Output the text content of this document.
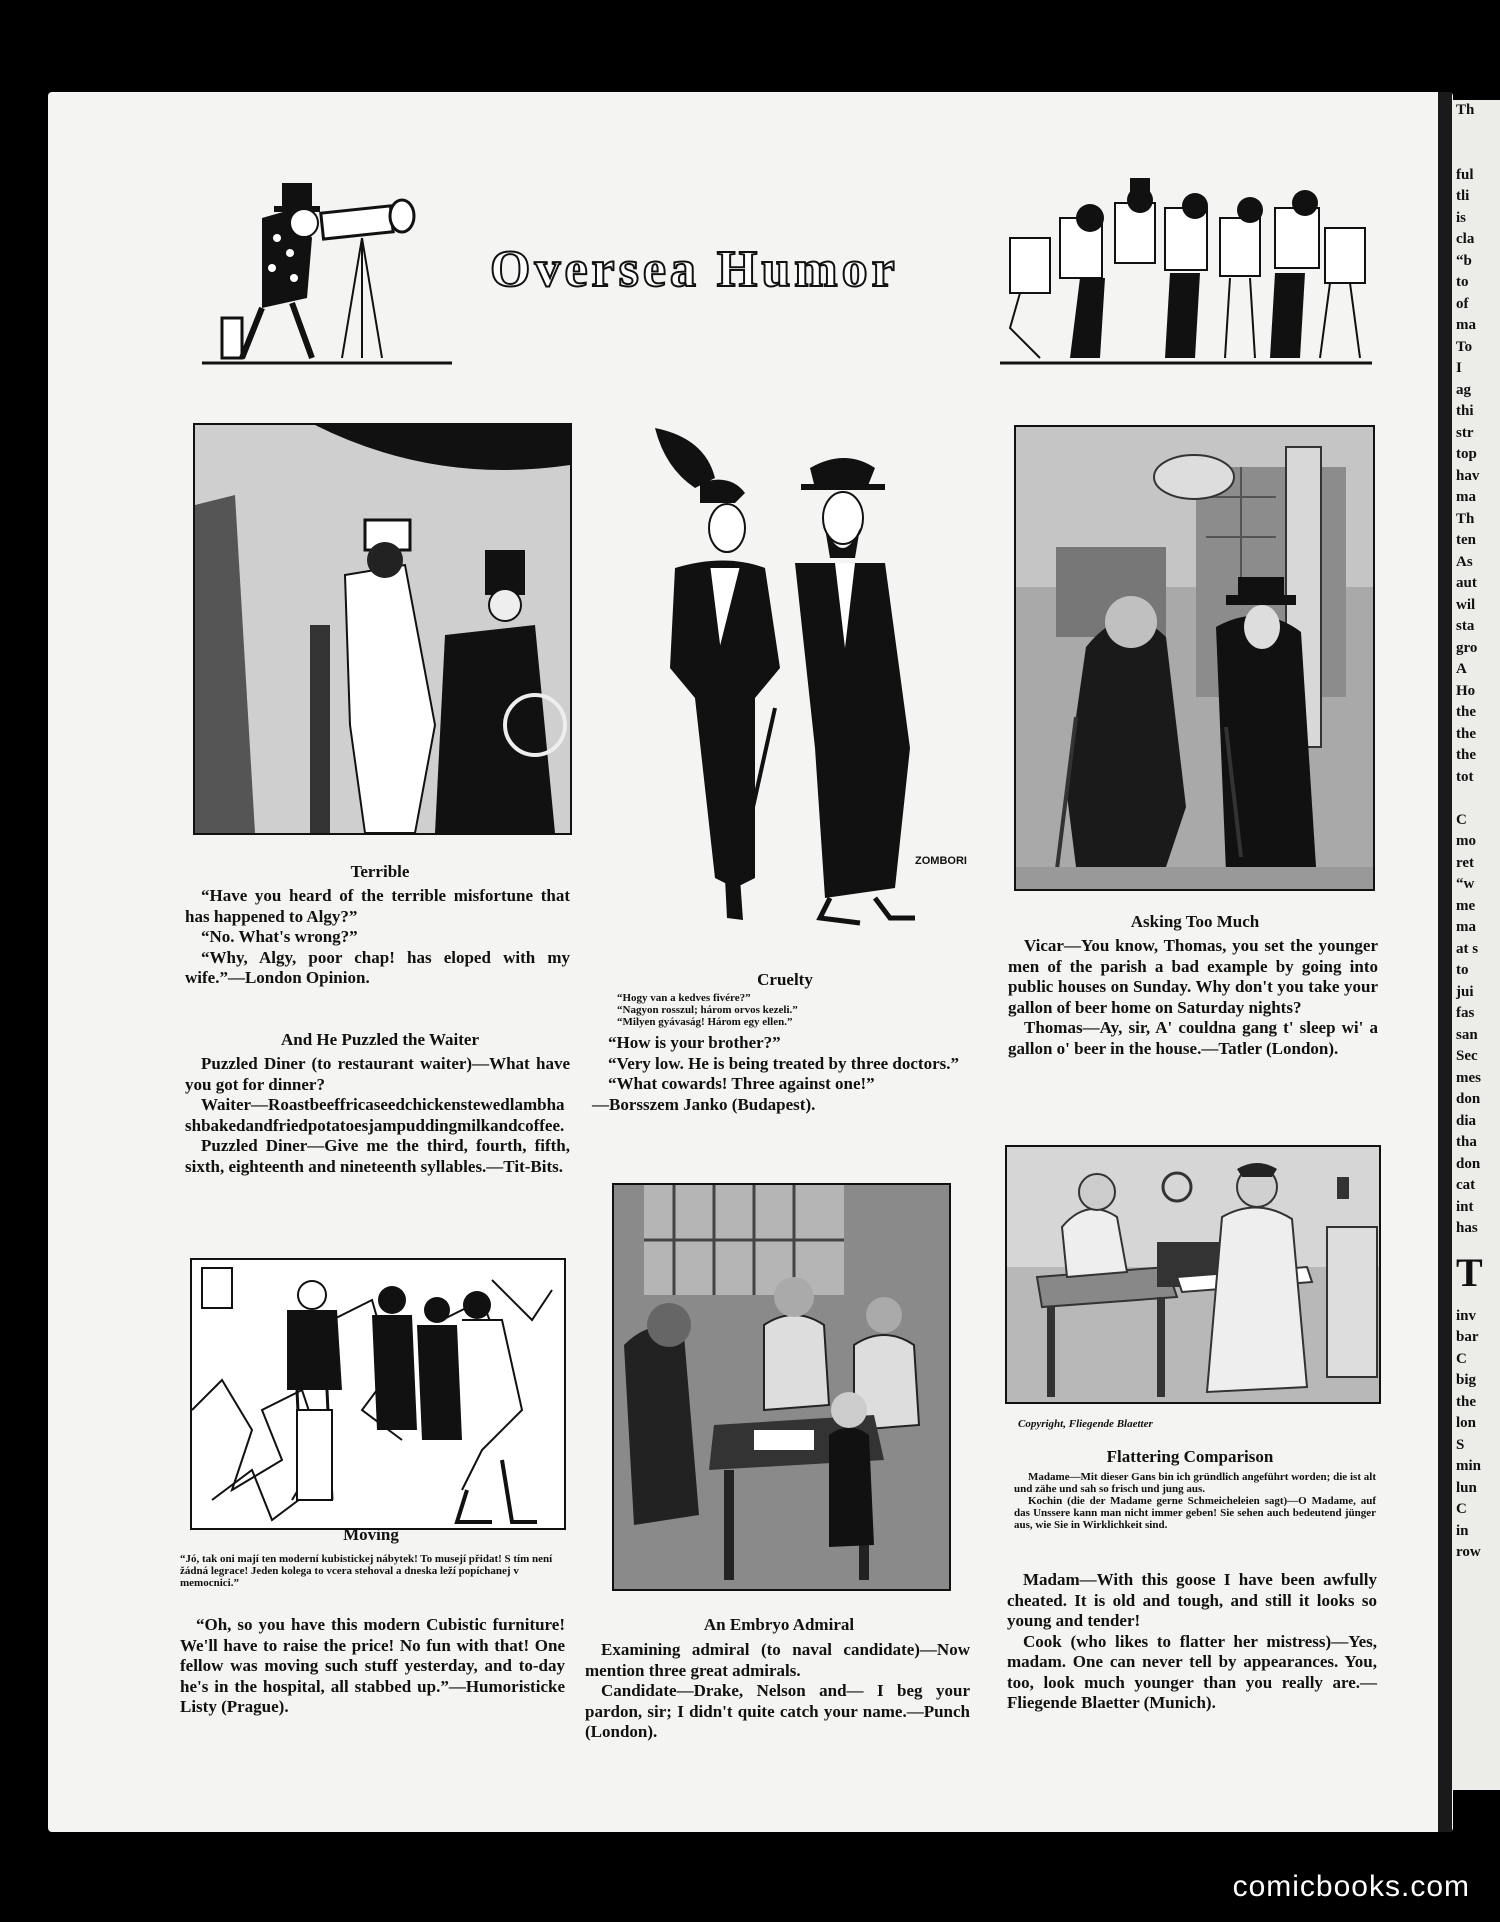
Th

ful
tli
is
cla
“b
to
of
ma
To
I
ag
thi
str
top
hav
ma
Th
ten
As
aut
wil
sta
gro
A
Ho
the
the
the
tot

C
mo
ret
“w
me
ma
at s
to
jui
fas
san
Sec
mes
don
dia
tha
don
cat
int
has
T
inv
bar
C
big
the
lon
S
min
lun
C
in
row
Oversea Humor
Terrible

“Have you heard of the terrible misfortune that has happened to Algy?”

“No. What's wrong?”

“Why, Algy, poor chap! has eloped with my wife.”—London Opinion.

And He Puzzled the Waiter

Puzzled Diner (to restaurant waiter)—What have you got for dinner?

Waiter—Roastbeeffricaseedchickenstewedlambhashbakedandfriedpotatoesjampuddingmilkandcoffee.

Puzzled Diner—Give me the third, fourth, fifth, sixth, eighteenth and nineteenth syllables.—Tit-Bits.

Moving
“Jó, tak oni mají ten moderní kubistickej nábytek! To musejí přidat! S tím není žádná legrace! Jeden kolega to vcera stehoval a dneska leží popíchanej v memocnici.”

“Oh, so you have this modern Cubistic furniture! We'll have to raise the price! No fun with that! One fellow was moving such stuff yesterday, and to-day he's in the hospital, all stabbed up.”—Humoristicke Listy (Prague).

ZOMBORI
Cruelty
“Hogy van a kedves fivére?”
“Nagyon rosszul; három orvos kezeli.”
“Milyen gyávaság! Három egy ellen.”

“How is your brother?”

“Very low. He is being treated by three doctors.”

“What cowards! Three against one!”

—Borsszem Janko (Budapest).

An Embryo Admiral

Examining admiral (to naval candidate)—Now mention three great admirals.

Candidate—Drake, Nelson and— I beg your pardon, sir; I didn't quite catch your name.—Punch (London).

Asking Too Much

Vicar—You know, Thomas, you set the younger men of the parish a bad example by going into public houses on Sunday. Why don't you take your gallon of beer home on Saturday nights?

Thomas—Ay, sir, A' couldna gang t' sleep wi' a gallon o' beer in the house.—Tatler (London).

Copyright, Fliegende Blaetter
Flattering Comparison
Madame—Mit dieser Gans bin ich gründlich angeführt worden; die ist alt und zähe und sah so frisch und jung aus.
Kochin (die der Madame gerne Schmeicheleien sagt)—O Madame, auf das Unssere kann man nicht immer geben! Sie sehen auch bedeutend jünger aus, wie Sie in Wirklichkeit sind.

Madam—With this goose I have been awfully cheated. It is old and tough, and still it looks so young and tender!

Cook (who likes to flatter her mistress)—Yes, madam. One can never tell by appearances. You, too, look much younger than you really are.—Fliegende Blaetter (Munich).

comicbooks.com
